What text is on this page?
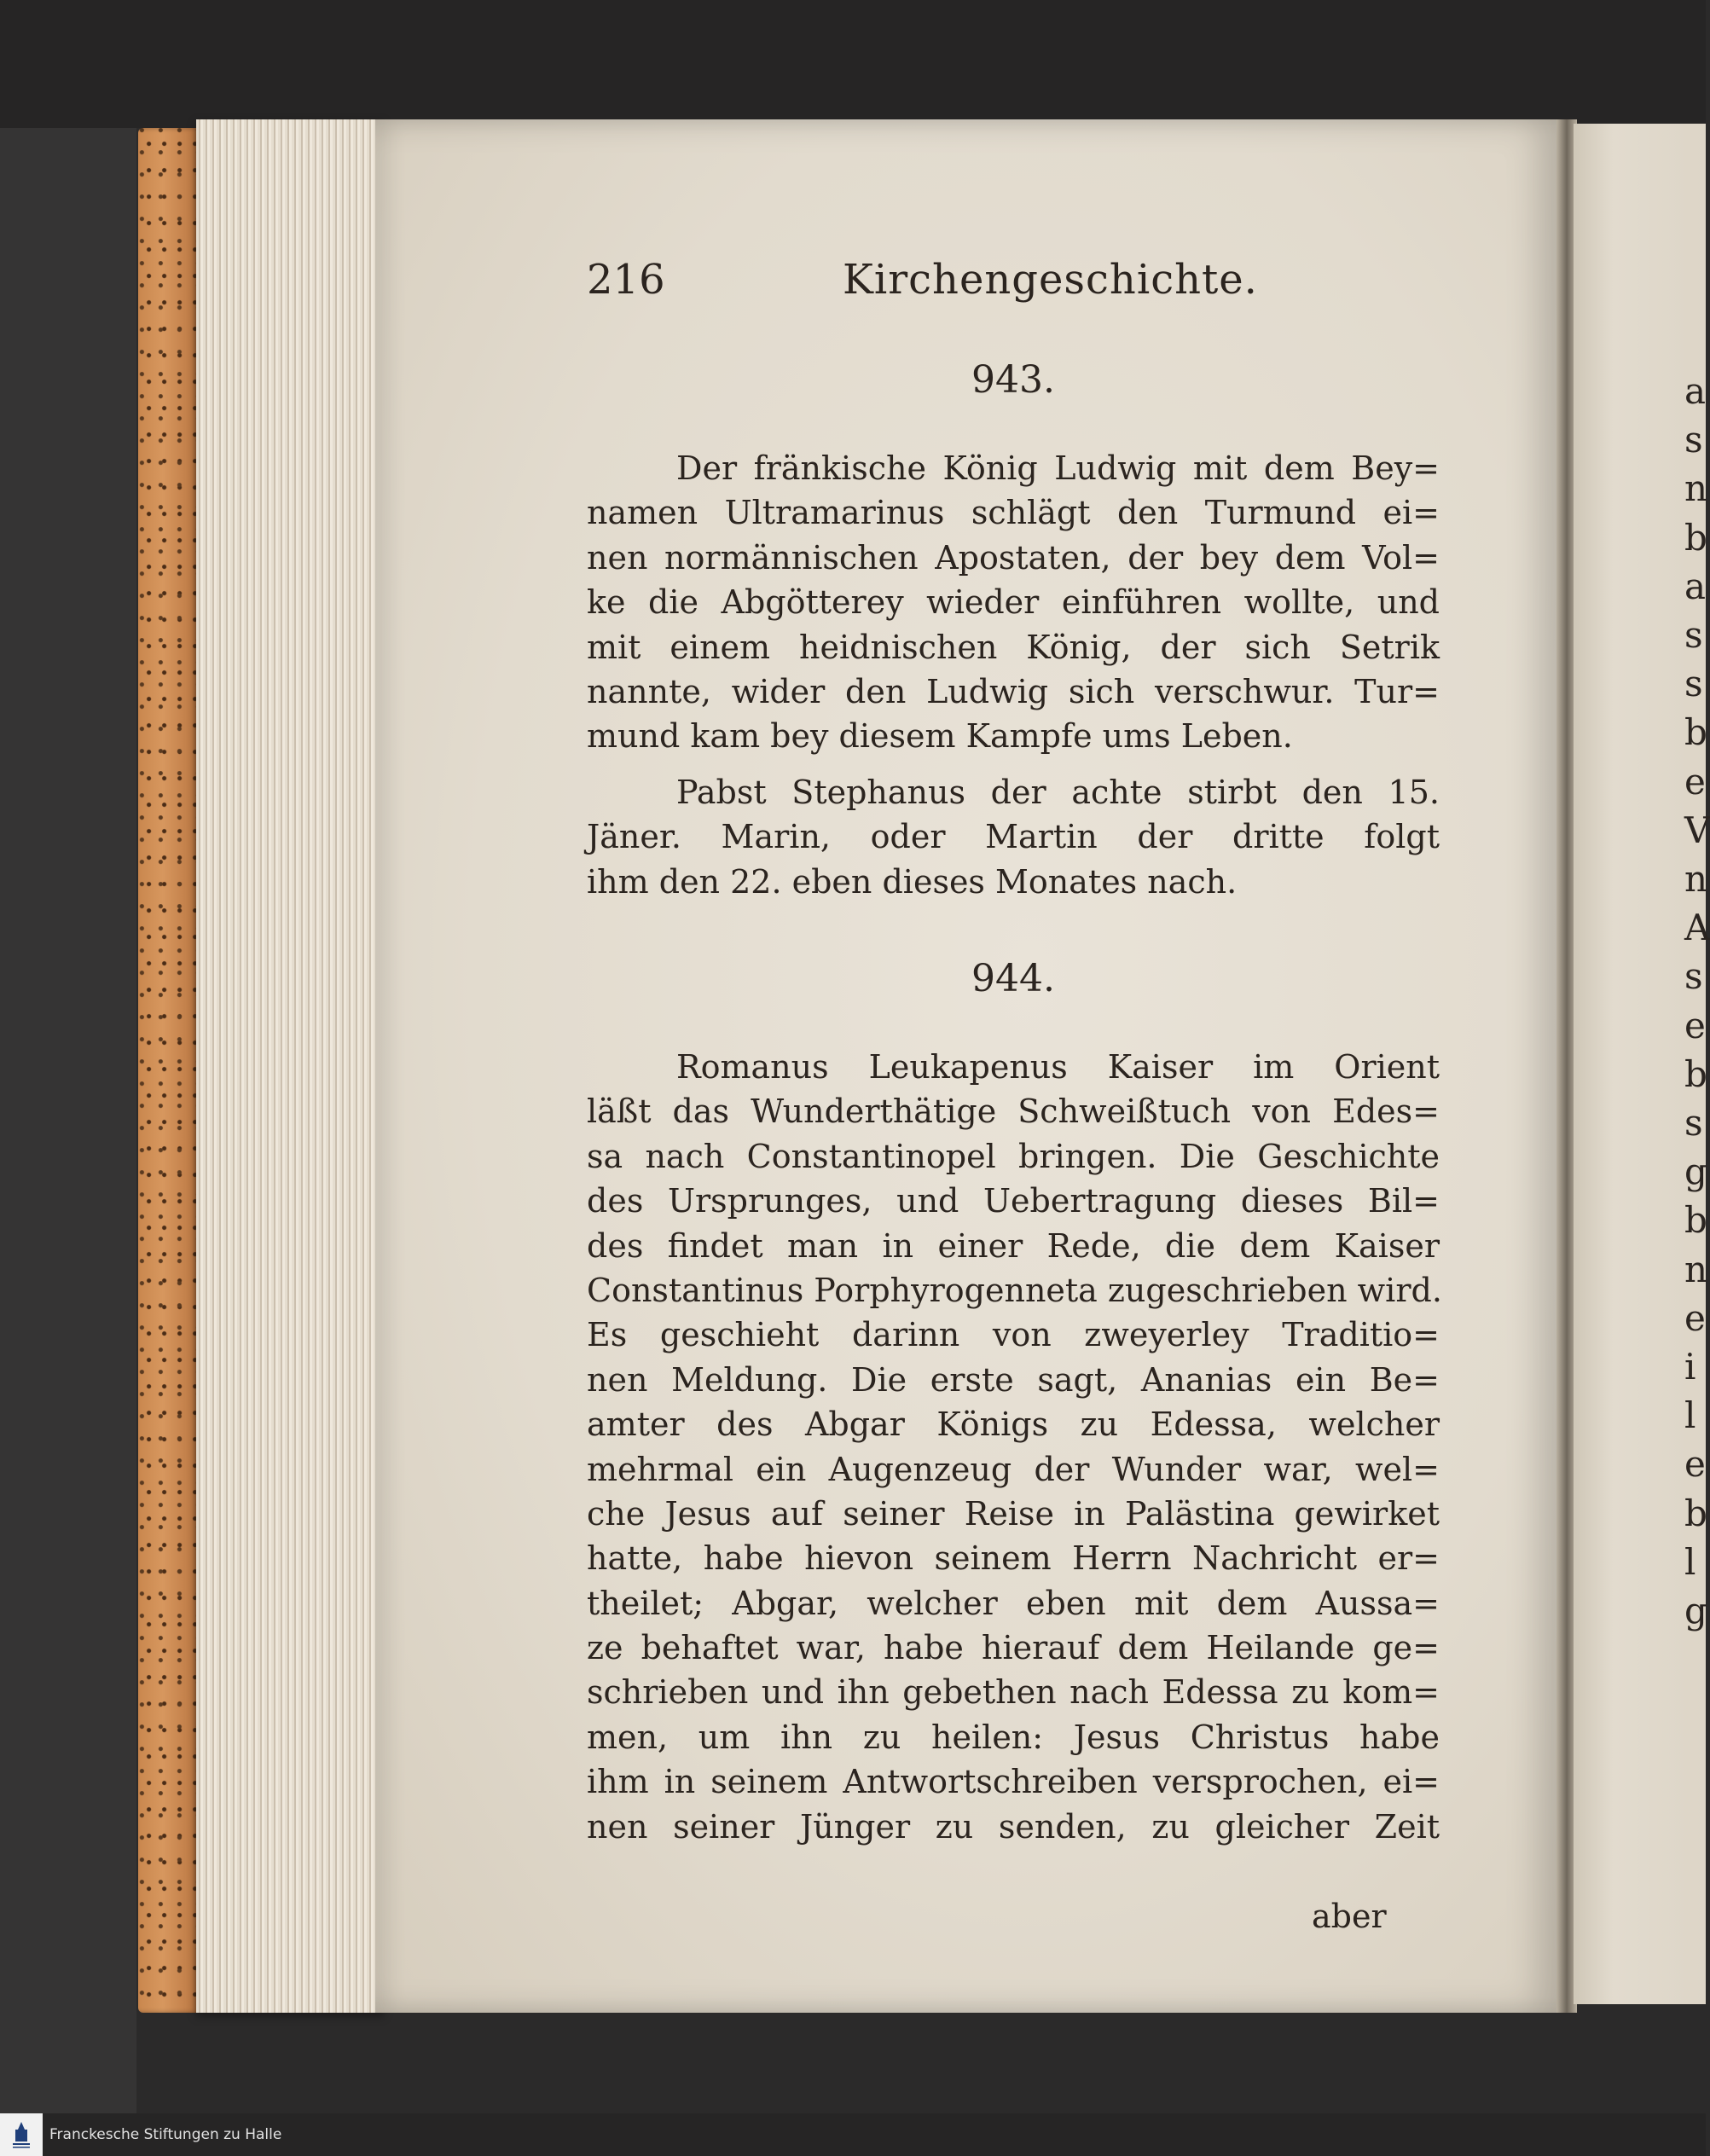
a
s
n
b
a
s
s
b
e
V
n
A
s
e
b
s
g
b
n
e
i
l
e
b
l
g
216	Kirchengeschichte.
943.
Der fränkische König Ludwig mit dem Bey=
namen Ultramarinus schlägt den Turmund ei=
nen normännischen Apostaten, der bey dem Vol=
ke die Abgötterey wieder einführen wollte, und
mit einem heidnischen König, der sich Setrik
nannte, wider den Ludwig sich verschwur. Tur=
mund kam bey diesem Kampfe ums Leben.
Pabst Stephanus der achte stirbt den 15.
Jäner. Marin, oder Martin der dritte folgt
ihm den 22. eben dieses Monates nach.
944.
Romanus Leukapenus Kaiser im Orient
läßt das Wunderthätige Schweißtuch von Edes=
sa nach Constantinopel bringen. Die Geschichte
des Ursprunges, und Uebertragung dieses Bil=
des findet man in einer Rede, die dem Kaiser
Constantinus Porphyrogenneta zugeschrieben wird.
Es geschieht darinn von zweyerley Traditio=
nen Meldung. Die erste sagt, Ananias ein Be=
amter des Abgar Königs zu Edessa, welcher
mehrmal ein Augenzeug der Wunder war, wel=
che Jesus auf seiner Reise in Palästina gewirket
hatte, habe hievon seinem Herrn Nachricht er=
theilet; Abgar, welcher eben mit dem Aussa=
ze behaftet war, habe hierauf dem Heilande ge=
schrieben und ihn gebethen nach Edessa zu kom=
men, um ihn zu heilen: Jesus Christus habe
ihm in seinem Antwortschreiben versprochen, ei=
nen seiner Jünger zu senden, zu gleicher Zeit
aber
Franckesche Stiftungen zu Halle
